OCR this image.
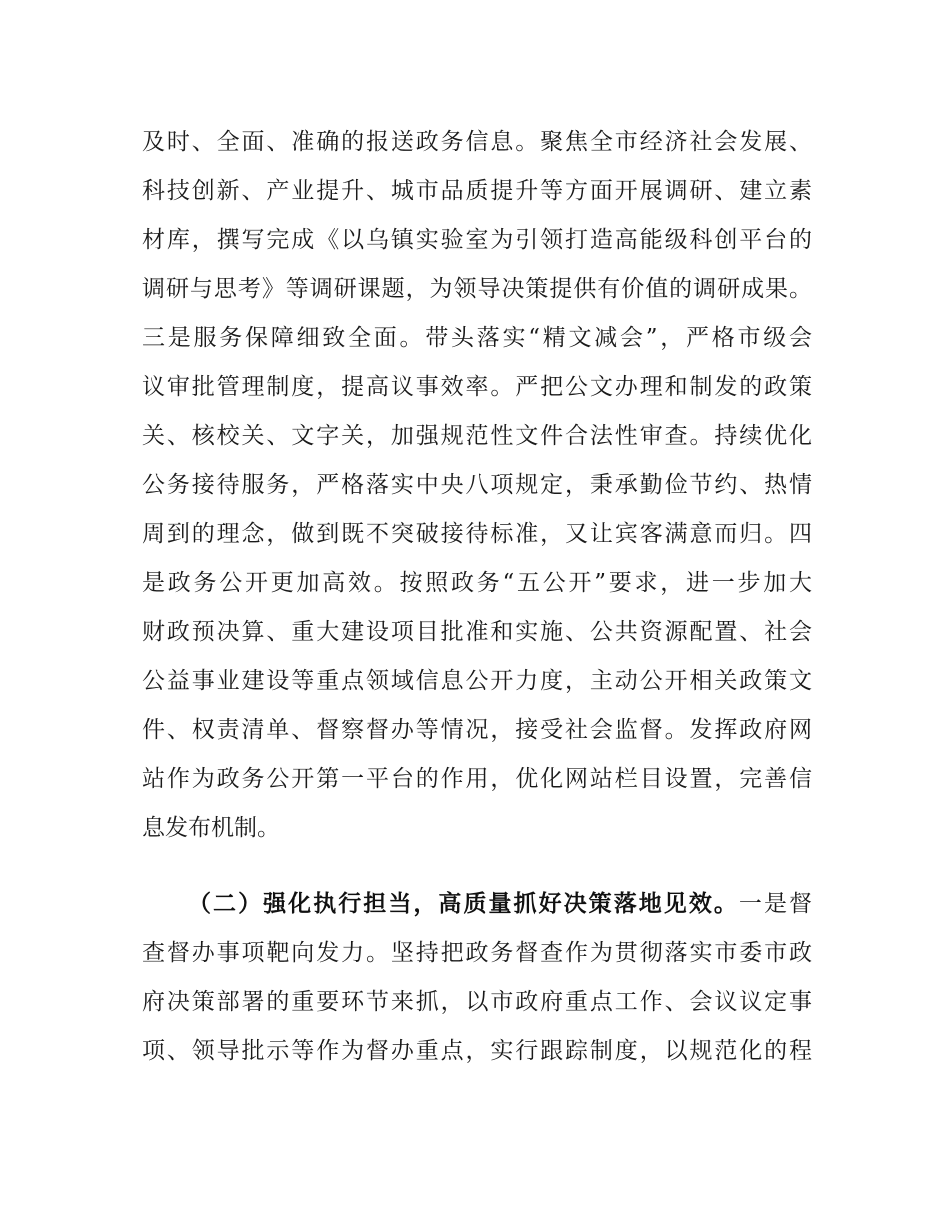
及时、全面、准确的报送政务信息。聚焦全市经济社会发展、
科技创新、产业提升、城市品质提升等方面开展调研、建立素
材库，撰写完成《以乌镇实验室为引领打造高能级科创平台的
调研与思考》等调研课题，为领导决策提供有价值的调研成果。
三是服务保障细致全面。带头落实“精文减会”，严格市级会
议审批管理制度，提高议事效率。严把公文办理和制发的政策
关、核校关、文字关，加强规范性文件合法性审查。持续优化
公务接待服务，严格落实中央八项规定，秉承勤俭节约、热情
周到的理念，做到既不突破接待标准，又让宾客满意而归。四
是政务公开更加高效。按照政务“五公开”要求，进一步加大
财政预决算、重大建设项目批准和实施、公共资源配置、社会
公益事业建设等重点领域信息公开力度，主动公开相关政策文
件、权责清单、督察督办等情况，接受社会监督。发挥政府网
站作为政务公开第一平台的作用，优化网站栏目设置，完善信
息发布机制。
（二）强化执行担当，高质量抓好决策落地见效。一是督
查督办事项靶向发力。坚持把政务督查作为贯彻落实市委市政
府决策部署的重要环节来抓，以市政府重点工作、会议议定事
项、领导批示等作为督办重点，实行跟踪制度，以规范化的程
